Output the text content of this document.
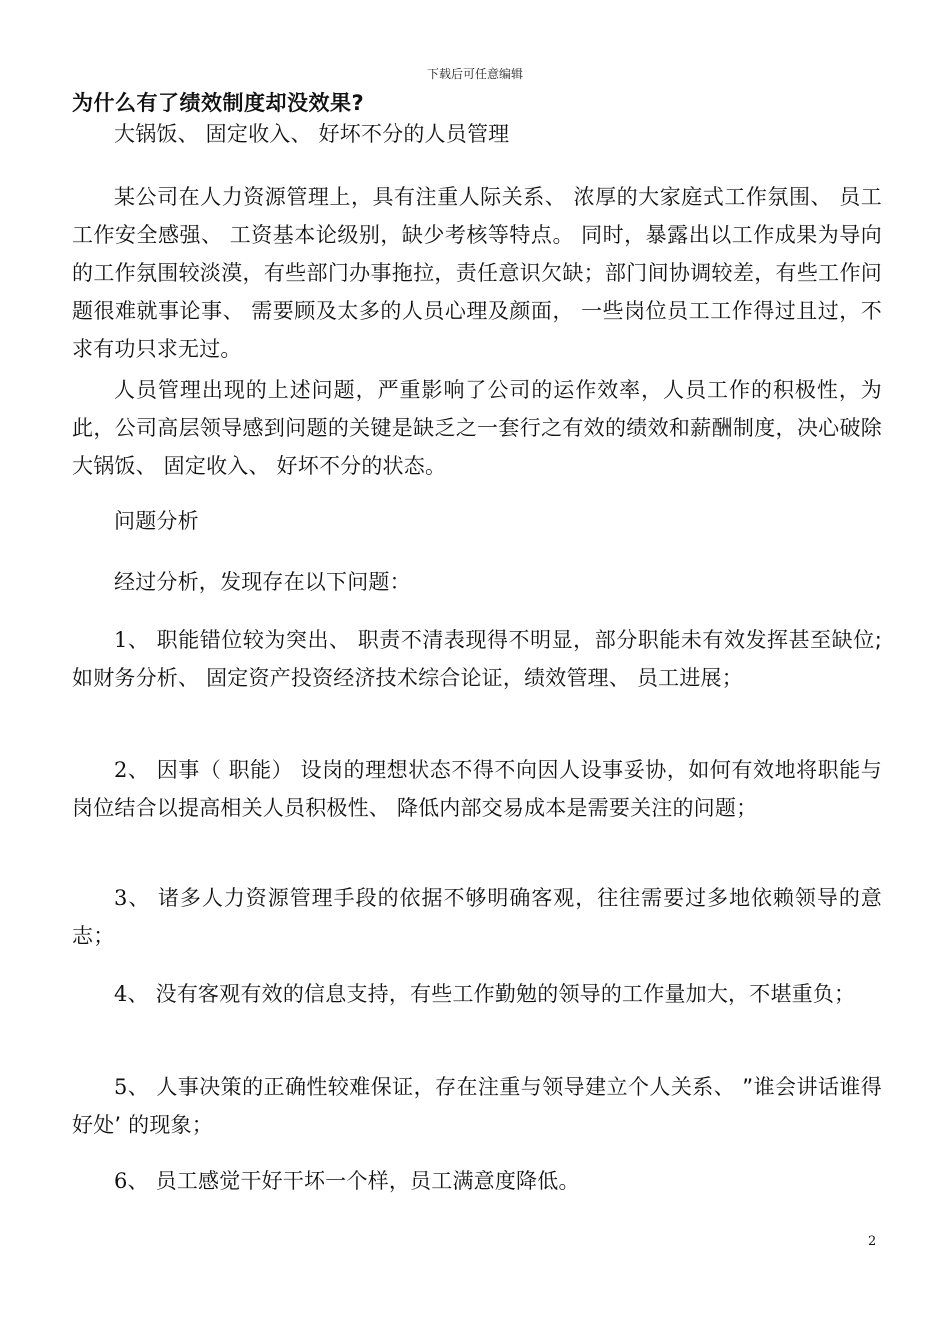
下载后可任意编辑
为什么有了绩效制度却没效果?

大锅饭、 固定收入、 好坏不分的人员管理

某公司在人力资源管理上，具有注重人际关系、 浓厚的大家庭式工作氛围、 员工工作安全感强、 工资基本论级别，缺少考核等特点。 同时，暴露出以工作成果为导向的工作氛围较淡漠，有些部门办事拖拉，责任意识欠缺；部门间协调较差，有些工作问题很难就事论事、 需要顾及太多的人员心理及颜面， 一些岗位员工工作得过且过，不求有功只求无过。

人员管理出现的上述问题，严重影响了公司的运作效率，人员工作的积极性，为此，公司高层领导感到问题的关键是缺乏之一套行之有效的绩效和薪酬制度，决心破除大锅饭、 固定收入、 好坏不分的状态。

问题分析

经过分析，发现存在以下问题：

1、 职能错位较为突出、 职责不清表现得不明显，部分职能未有效发挥甚至缺位;如财务分析、 固定资产投资经济技术综合论证，绩效管理、 员工进展；

2、 因事（ 职能） 设岗的理想状态不得不向因人设事妥协，如何有效地将职能与岗位结合以提高相关人员积极性、 降低内部交易成本是需要关注的问题；

3、 诸多人力资源管理手段的依据不够明确客观，往往需要过多地依赖领导的意志；

4、 没有客观有效的信息支持，有些工作勤勉的领导的工作量加大，不堪重负；

5、 人事决策的正确性较难保证，存在注重与领导建立个人关系、 ”谁会讲话谁得好处’ 的现象；

6、 员工感觉干好干坏一个样，员工满意度降低。

2
